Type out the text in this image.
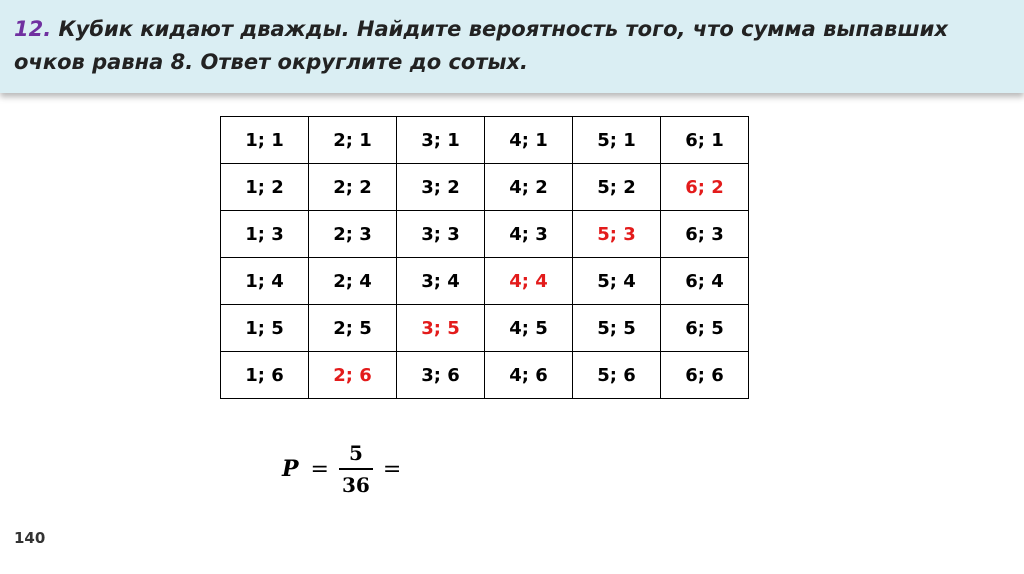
12. Кубик кидают дважды. Найдите вероятность того, что сумма выпавших очков равна 8. Ответ округлите до сотых.

1; 1	2; 1	3; 1	4; 1	5; 1	6; 1
1; 2	2; 2	3; 2	4; 2	5; 2	6; 2
1; 3	2; 3	3; 3	4; 3	5; 3	6; 3
1; 4	2; 4	3; 4	4; 4	5; 4	6; 4
1; 5	2; 5	3; 5	4; 5	5; 5	6; 5
1; 6	2; 6	3; 6	4; 6	5; 6	6; 6
$P = \frac{5}{36}$ =
140
